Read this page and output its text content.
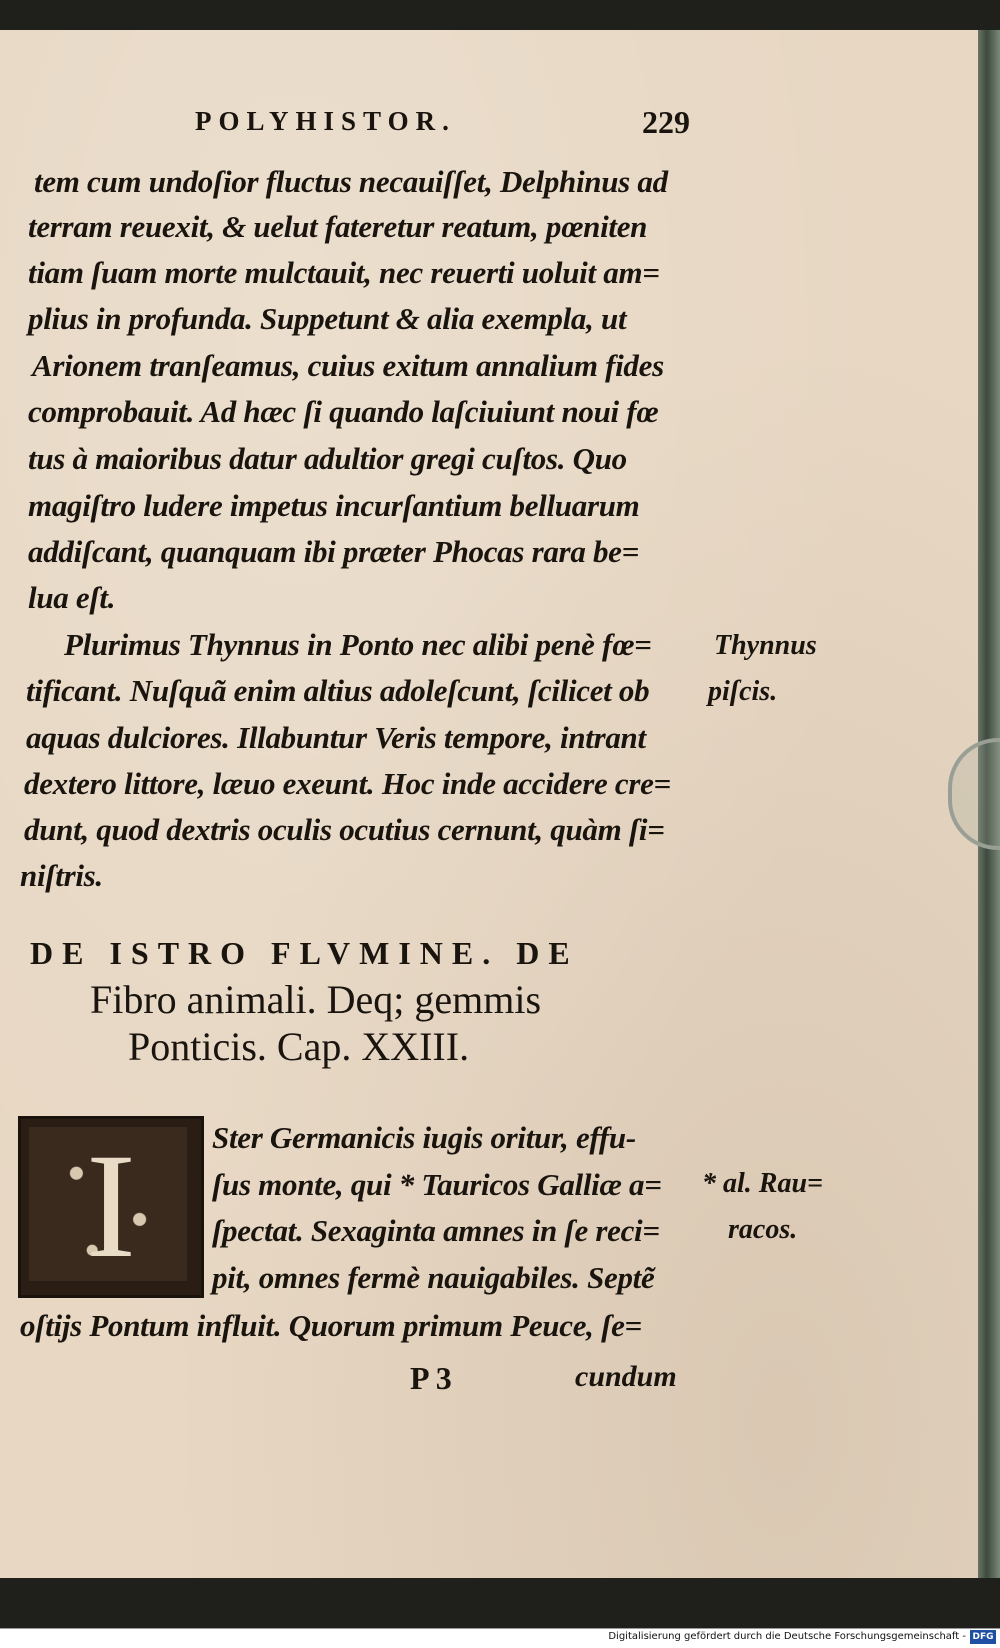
POLYHISTOR.	229
tem cum undoſior fluctus necauiſſet, Delphinus ad
terram reuexit, & uelut fateretur reatum, pœniten
tiam ſuam morte mulctauit, nec reuerti uoluit am=
plius in profunda. Suppetunt & alia exempla, ut
Arionem tranſeamus, cuius exitum annalium fides
comprobauit. Ad hæc ſi quando laſciuiunt noui fœ
tus à maioribus datur adultior gregi cuſtos. Quo
magiſtro ludere impetus incurſantium belluarum
addiſcant, quanquam ibi præter Phocas rara be=
lua eſt.
Plurimus Thynnus in Ponto nec alibi penè fœ=
tificant. Nuſquã enim altius adoleſcunt, ſcilicet ob
aquas dulciores. Illabuntur Veris tempore, intrant
dextero littore, læuo exeunt. Hoc inde accidere cre=
dunt, quod dextris oculis ocutius cernunt, quàm ſi=
niſtris.
Thynnus
piſcis.
DE ISTRO FLVMINE. DE
Fibro animali. Deq; gemmis
Ponticis. Cap. XXIII.
I Ster Germanicis iugis oritur, effu-
ſus monte, qui * Tauricos Galliæ a=
ſpectat. Sexaginta amnes in ſe reci=
pit, omnes fermè nauigabiles. Septẽ
oſtijs Pontum influit. Quorum primum Peuce, ſe=
* al. Rau=
racos.
P 3	cundum
Digitalisierung gefördert durch die Deutsche Forschungsgemeinschaft - DFG
